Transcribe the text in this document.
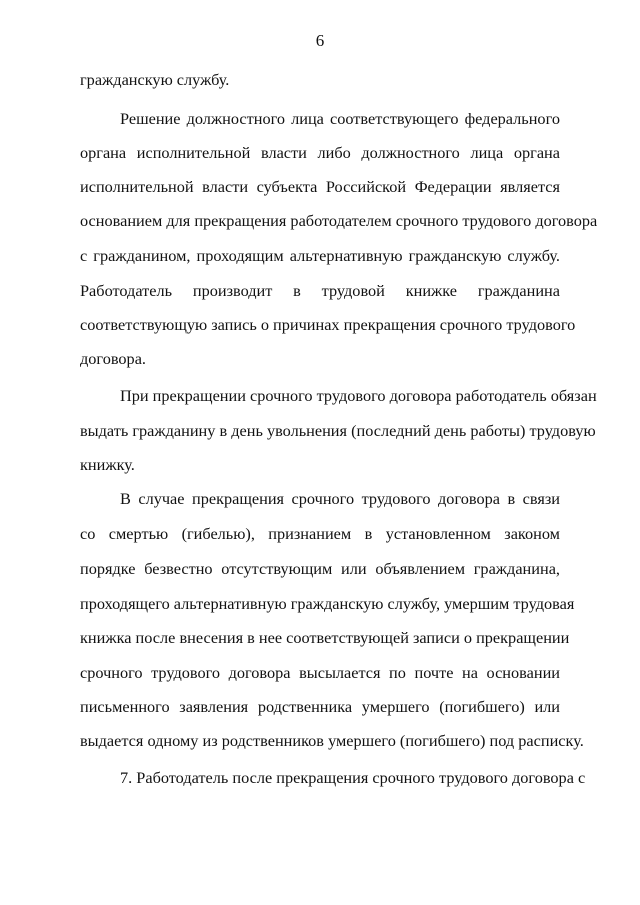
6
гражданскую службу.
Решение должностного лица соответствующего федерального
органа исполнительной власти либо должностного лица органа
исполнительной власти субъекта Российской Федерации является
основанием для прекращения работодателем срочного трудового договора
с гражданином, проходящим альтернативную гражданскую службу.
Работодатель производит в трудовой книжке гражданина
соответствующую запись о причинах прекращения срочного трудового
договора.
При прекращении срочного трудового договора работодатель обязан
выдать гражданину в день увольнения (последний день работы) трудовую
книжку.
В случае прекращения срочного трудового договора в связи
со смертью (гибелью), признанием в установленном законом
порядке безвестно отсутствующим или объявлением гражданина,
проходящего альтернативную гражданскую службу, умершим трудовая
книжка после внесения в нее соответствующей записи о прекращении
срочного трудового договора высылается по почте на основании
письменного заявления родственника умершего (погибшего) или
выдается одному из родственников умершего (погибшего) под расписку.
7. Работодатель после прекращения срочного трудового договора с
